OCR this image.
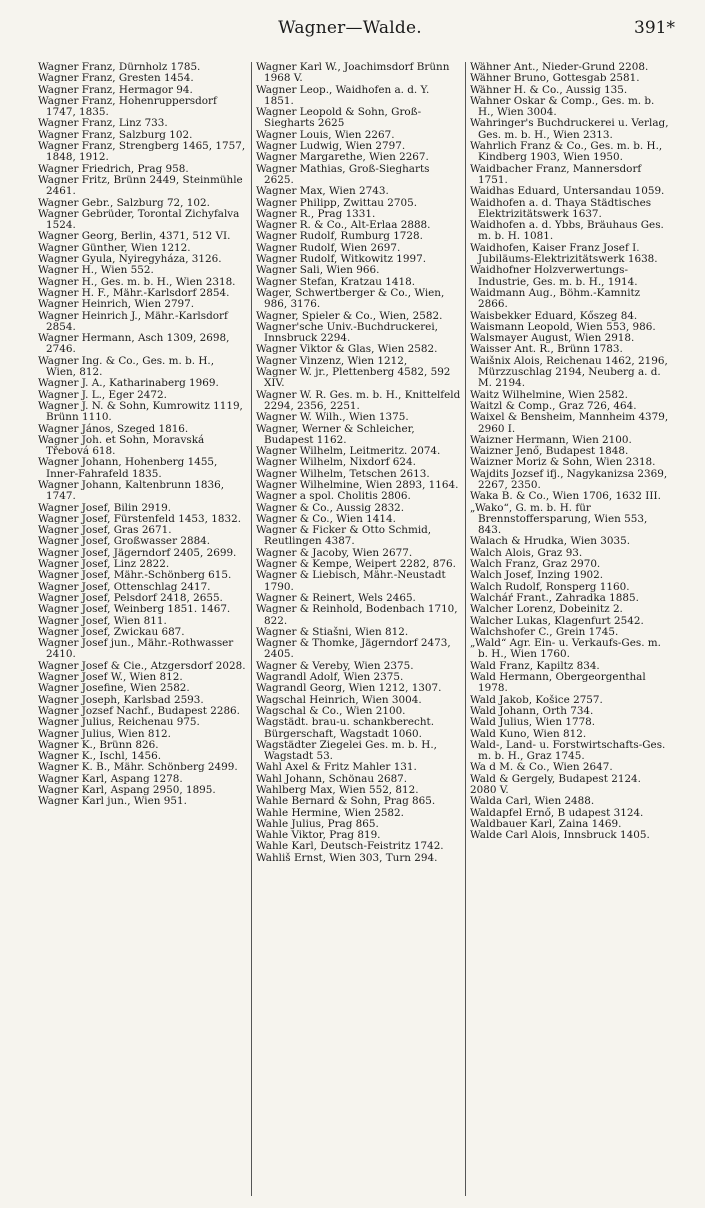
Wagner—Walde.	391*
Wagner Franz, Dürnholz 1785.
Wagner Franz, Gresten 1454.
Wagner Franz, Hermagor 94.
Wagner Franz, Hohenruppersdorf 1747, 1835.
Wagner Franz, Linz 733.
Wagner Franz, Salzburg 102.
Wagner Franz, Strengberg 1465, 1757, 1848, 1912.
Wagner Friedrich, Prag 958.
Wagner Fritz, Brünn 2449, Steinmühle 2461.
Wagner Gebr., Salzburg 72, 102.
Wagner Gebrüder, Torontal Zichyfalva 1524.
Wagner Georg, Berlin, 4371, 512 VI.
Wagner Günther, Wien 1212.
Wagner Gyula, Nyiregyháza, 3126.
Wagner H., Wien 552.
Wagner H., Ges. m. b. H., Wien 2318.
Wagner H. F., Mähr.-Karlsdorf 2854.
Wagner Heinrich, Wien 2797.
Wagner Heinrich J., Mähr.-Karlsdorf 2854.
Wagner Hermann, Asch 1309, 2698, 2746.
Wagner Ing. & Co., Ges. m. b. H., Wien, 812.
Wagner J. A., Katharinaberg 1969.
Wagner J. L., Eger 2472.
Wagner J. N. & Sohn, Kumrowitz 1119, Brünn 1110.
Wagner János, Szeged 1816.
Wagner Joh. et Sohn, Moravská Třebová 618.
Wagner Johann, Hohenberg 1455, Inner-Fahrafeld 1835.
Wagner Johann, Kaltenbrunn 1836, 1747.
Wagner Josef, Bilin 2919.
Wagner Josef, Fürstenfeld 1453, 1832.
Wagner Josef, Gras 2671.
Wagner Josef, Großwasser 2884.
Wagner Josef, Jägerndorf 2405, 2699.
Wagner Josef, Linz 2822.
Wagner Josef, Mähr.-Schönberg 615.
Wagner Josef, Ottenschlag 2417.
Wagner Josef, Pelsdorf 2418, 2655.
Wagner Josef, Weinberg 1851. 1467.
Wagner Josef, Wien 811.
Wagner Josef, Zwickau 687.
Wagner Josef jun., Mähr.-Rothwasser 2410.
Wagner Josef & Cie., Atzgersdorf 2028.
Wagner Josef W., Wien 812.
Wagner Josefine, Wien 2582.
Wagner Joseph, Karlsbad 2593.
Wagner Jozsef Nachf., Budapest 2286.
Wagner Julius, Reichenau 975.
Wagner Julius, Wien 812.
Wagner K., Brünn 826.
Wagner K., Ischl, 1456.
Wagner K. B., Mähr. Schönberg 2499.
Wagner Karl, Aspang 1278.
Wagner Karl, Aspang 2950, 1895.
Wagner Karl jun., Wien 951.
Wagner Karl W., Joachimsdorf Brünn 1968 V.
Wagner Leop., Waidhofen a. d. Y. 1851.
Wagner Leopold & Sohn, Groß-Siegharts 2625
Wagner Louis, Wien 2267.
Wagner Ludwig, Wien 2797.
Wagner Margarethe, Wien 2267.
Wagner Mathias, Groß-Siegharts 2625.
Wagner Max, Wien 2743.
Wagner Philipp, Zwittau 2705.
Wagner R., Prag 1331.
Wagner R. & Co., Alt-Erlaa 2888.
Wagner Rudolf, Rumburg 1728.
Wagner Rudolf, Wien 2697.
Wagner Rudolf, Witkowitz 1997.
Wagner Sali, Wien 966.
Wagner Stefan, Kratzau 1418.
Wager, Schwertberger & Co., Wien, 986, 3176.
Wagner, Spieler & Co., Wien, 2582.
Wagner'sche Univ.-Buchdruckerei, Innsbruck 2294.
Wagner Viktor & Glas, Wien 2582.
Wagner Vinzenz, Wien 1212,
Wagner W. jr., Plettenberg 4582, 592 XIV.
Wagner W. R. Ges. m. b. H., Knittelfeld 2294, 2356, 2251.
Wagner W. Wilh., Wien 1375.
Wagner, Werner & Schleicher, Budapest 1162.
Wagner Wilhelm, Leitmeritz. 2074.
Wagner Wilhelm, Nixdorf 624.
Wagner Wilhelm, Tetschen 2613.
Wagner Wilhelmine, Wien 2893, 1164.
Wagner a spol. Cholitis 2806.
Wagner & Co., Aussig 2832.
Wagner & Co., Wien 1414.
Wagner & Ficker & Otto Schmid, Reutlingen 4387.
Wagner & Jacoby, Wien 2677.
Wagner & Kempe, Weipert 2282, 876.
Wagner & Liebisch, Mähr.-Neustadt 1790.
Wagner & Reinert, Wels 2465.
Wagner & Reinhold, Bodenbach 1710, 822.
Wagner & Stiašni, Wien 812.
Wagner & Thomke, Jägerndorf 2473, 2405.
Wagner & Vereby, Wien 2375.
Wagrandl Adolf, Wien 2375.
Wagrandl Georg, Wien 1212, 1307.
Wagschal Heinrich, Wien 3004.
Wagschal & Co., Wien 2100.
Wagstädt. brau-u. schankberecht. Bürgerschaft, Wagstadt 1060.
Wagstädter Ziegelei Ges. m. b. H., Wagstadt 53.
Wahl Axel & Fritz Mahler 131.
Wahl Johann, Schönau 2687.
Wahlberg Max, Wien 552, 812.
Wahle Bernard & Sohn, Prag 865.
Wahle Hermine, Wien 2582.
Wahle Julius, Prag 865.
Wahle Viktor, Prag 819.
Wahle Karl, Deutsch-Feistritz 1742.
Wahliš Ernst, Wien 303, Turn 294.
Wähner Ant., Nieder-Grund 2208.
Wähner Bruno, Gottesgab 2581.
Wähner H. & Co., Aussig 135.
Wahner Oskar & Comp., Ges. m. b. H., Wien 3004.
Wahringer's Buchdruckerei u. Verlag, Ges. m. b. H., Wien 2313.
Wahrlich Franz & Co., Ges. m. b. H., Kindberg 1903, Wien 1950.
Waidbacher Franz, Mannersdorf 1751.
Waidhas Eduard, Untersandau 1059.
Waidhofen a. d. Thaya Städtisches Elektrizitätswerk 1637.
Waidhofen a. d. Ybbs, Bräuhaus Ges. m. b. H. 1081.
Waidhofen, Kaiser Franz Josef I. Jubiläums-Elektrizitätswerk 1638.
Waidhofner Holzverwertungs-Industrie, Ges. m. b. H., 1914.
Waidmann Aug., Böhm.-Kamnitz 2866.
Waisbekker Eduard, Kőszeg 84.
Waismann Leopold, Wien 553, 986.
Walsmayer August, Wien 2918.
Waisser Ant. R., Brünn 1783.
Waišnix Alois, Reichenau 1462, 2196, Mürzzuschlag 2194, Neuberg a. d. M. 2194.
Waitz Wilhelmine, Wien 2582.
Waitzl & Comp., Graz 726, 464.
Waixel & Bensheim, Mannheim 4379, 2960 I.
Waizner Hermann, Wien 2100.
Waizner Jenő, Budapest 1848.
Waizner Moriz & Sohn, Wien 2318.
Wajdits Jozsef ifj., Nagykanizsa 2369, 2267, 2350.
Waka B. & Co., Wien 1706, 1632 III.
„Wako“, G. m. b. H. für Brennstoffersparung, Wien 553, 843.
Walach & Hrudka, Wien 3035.
Walch Alois, Graz 93.
Walch Franz, Graz 2970.
Walch Josef, Inzing 1902.
Walch Rudolf, Ronsperg 1160.
Walcháŕ Frant., Zahradka 1885.
Walcher Lorenz, Dobeinitz 2.
Walcher Lukas, Klagenfurt 2542.
Walchshofer C., Grein 1745.
„Wald“ Agr. Ein- u. Verkaufs-Ges. m. b. H., Wien 1760.
Wald Franz, Kapiltz 834.
Wald Hermann, Obergeorgenthal 1978.
Wald Jakob, Košice 2757.
Wald Johann, Orth 734.
Wald Julius, Wien 1778.
Wald Kuno, Wien 812.
Wald-, Land- u. Forstwirtschafts-Ges. m. b. H., Graz 1745.
Wa d M. & Co., Wien 2647.
Wald & Gergely, Budapest 2124.
2080 V.
Walda Carl, Wien 2488.
Waldapfel Ernő, B udapest 3124.
Waldbauer Karl, Zaina 1469.
Walde Carl Alois, Innsbruck 1405.
